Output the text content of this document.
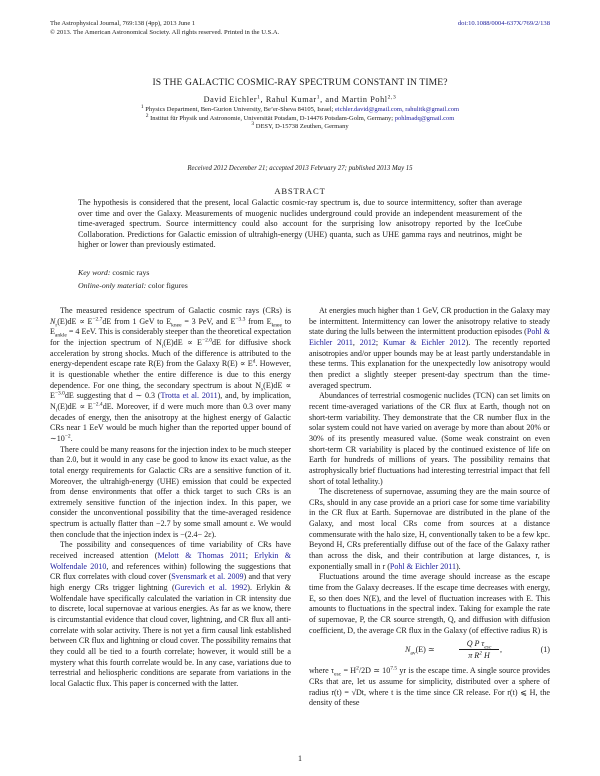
The Astrophysical Journal, 769:138 (4pp), 2013 June 1
© 2013. The American Astronomical Society. All rights reserved. Printed in the U.S.A.
doi:10.1088/0004-637X/769/2/138
IS THE GALACTIC COSMIC-RAY SPECTRUM CONSTANT IN TIME?
David Eichler$^1$, Rahul Kumar$^1$, and Martin Pohl$^{2,3}$
$^1$ Physics Department, Ben-Gurion University, Be’er-Sheva 84105, Israel; eichler.david@gmail.com, rahulitk@gmail.com
$^2$ Institut für Physik und Astronomie, Universität Potsdam, D-14476 Potsdam-Golm, Germany; pohlmadq@gmail.com
$^3$ DESY, D-15738 Zeuthen, Germany
Received 2012 December 21; accepted 2013 February 27; published 2013 May 15
ABSTRACT
The hypothesis is considered that the present, local Galactic cosmic-ray spectrum is, due to source intermittency, softer than average over time and over the Galaxy. Measurements of muogenic nuclides underground could provide an independent measurement of the time-averaged spectrum. Source intermittency could also account for the surprising low anisotropy reported by the IceCube Collaboration. Predictions for Galactic emission of ultrahigh-energy (UHE) quanta, such as UHE gamma rays and neutrinos, might be higher or lower than previously estimated.
Key word: cosmic rays
Online-only material: color figures

The measured residence spectrum of Galactic cosmic rays (CRs) is $N_r(E)dE \propto E^{-2.7}dE$ from 1 GeV to $E_{knee} = 3$ PeV, and $E^{-3.3}$ from $E_{knee}$ to $E_{ankle} = 4$ EeV. This is considerably steeper than the theoretical expectation for the injection spectrum of $N_i(E)dE \propto E^{-2.0}dE$ for diffusive shock acceleration by strong shocks. Much of the difference is attributed to the energy-dependent escape rate R(E) from the Galaxy $R(E) \propto E^d$. However, it is questionable whether the entire difference is due to this energy dependence. For one thing, the secondary spectrum is about $N_s(E)dE \propto E^{-3.0}dE$ suggesting that d ∼ 0.3 (Trotta et al. 2011), and, by implication, $N_i(E)dE \propto E^{-2.4}dE$. Moreover, if d were much more than 0.3 over many decades of energy, then the anisotropy at the highest energy of Galactic CRs near 1 EeV would be much higher than the reported upper bound of $\sim 10^{-2}$.

There could be many reasons for the injection index to be much steeper than 2.0, but it would in any case be good to know its exact value, as the total energy requirements for Galactic CRs are a sensitive function of it. Moreover, the ultrahigh-energy (UHE) emission that could be expected from dense environments that offer a thick target to such CRs is an extremely sensitive function of the injection index. In this paper, we consider the unconventional possibility that the time-averaged residence spectrum is actually flatter than −2.7 by some small amount ε. We would then conclude that the injection index is −(2.4− 2ε).

The possibility and consequences of time variability of CRs have received increased attention (Melott & Thomas 2011; Erlykin & Wolfendale 2010, and references within) following the suggestions that CR flux correlates with cloud cover (Svensmark et al. 2009) and that very high energy CRs trigger lightning (Gurevich et al. 1992). Erlykin & Wolfendale have specifically calculated the variation in CR intensity due to discrete, local supernovae at various energies. As far as we know, there is circumstantial evidence that cloud cover, lightning, and CR flux all anti-correlate with solar activity. There is not yet a firm causal link established between CR flux and lightning or cloud cover. The possibility remains that they could all be tied to a fourth correlate; however, it would still be a mystery what this fourth correlate would be. In any case, variations due to terrestrial and heliospheric conditions are separate from variations in the local Galactic flux. This paper is concerned with the latter.

At energies much higher than 1 GeV, CR production in the Galaxy may be intermittent. Intermittency can lower the anisotropy relative to steady state during the lulls between the intermittent production episodes (Pohl & Eichler 2011, 2012; Kumar & Eichler 2012). The recently reported anisotropies and/or upper bounds may be at least partly understandable in these terms. This explanation for the unexpectedly low anisotropy would then predict a slightly steeper present-day spectrum than the time-averaged spectrum.

Abundances of terrestrial cosmogenic nuclides (TCN) can set limits on recent time-averaged variations of the CR flux at Earth, though not on short-term variability. They demonstrate that the CR number flux in the solar system could not have varied on average by more than about 20% or 30% of its presently measured value. (Some weak constraint on even short-term CR variability is placed by the continued existence of life on Earth for hundreds of millions of years. The possibility remains that astrophysically brief fluctuations had interesting terrestrial impact that fell short of total lethality.)

The discreteness of supernovae, assuming they are the main source of CRs, should in any case provide an a priori case for some time variability in the CR flux at Earth. Supernovae are distributed in the plane of the Galaxy, and most local CRs come from sources at a distance commensurate with the halo size, H, conventionally taken to be a few kpc. Beyond H, CRs preferentially diffuse out of the face of the Galaxy rather than across the disk, and their contribution at large distances, r, is exponentially small in r (Pohl & Eichler 2011).

Fluctuations around the time average should increase as the escape time from the Galaxy decreases. If the escape time decreases with energy, E, so then does N(E), and the level of fluctuation increases with E. This amounts to fluctuations in the spectral index. Taking for example the rate of supernovae, P, the CR source strength, Q, and diffusion with diffusion coefficient, D, the average CR flux in the Galaxy (of effective radius R) is

$N_{av}(E)$ ≃
Q P $\tau_{esc}$
π $R^2$ H
,	(1)

where $\tau_{esc} = H^2/2D$ ≃ $10^{7.5}$ yr is the escape time. A single source provides CRs that are, let us assume for simplicity, distributed over a sphere of radius r(t) = √Dt, where t is the time since CR release. For r(t) ⩽ H, the density of these

1
